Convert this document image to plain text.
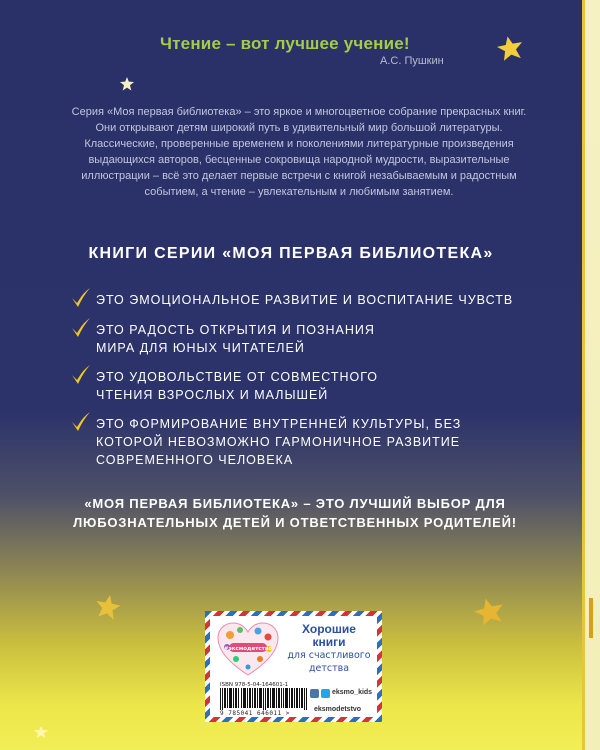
Чтение – вот лучшее учение!
А.С. Пушкин
Серия «Моя первая библиотека» – это яркое и многоцветное собрание прекрасных книг. Они открывают детям широкий путь в удивительный мир большой литературы. Классические, проверенные временем и поколениями литературные произведения выдающихся авторов, бесценные сокровища народной мудрости, выразительные иллюстрации – всё это делает первые встречи с книгой незабываемым и радостным событием, а чтение – увлекательным и любимым занятием.
КНИГИ СЕРИИ «МОЯ ПЕРВАЯ БИБЛИОТЕКА»
ЭТО ЭМОЦИОНАЛЬНОЕ РАЗВИТИЕ И ВОСПИТАНИЕ ЧУВСТВ
ЭТО РАДОСТЬ ОТКРЫТИЯ И ПОЗНАНИЯ МИРА ДЛЯ ЮНЫХ ЧИТАТЕЛЕЙ
ЭТО УДОВОЛЬСТВИЕ ОТ СОВМЕСТНОГО ЧТЕНИЯ ВЗРОСЛЫХ И МАЛЫШЕЙ
ЭТО ФОРМИРОВАНИЕ ВНУТРЕННЕЙ КУЛЬТУРЫ, БЕЗ КОТОРОЙ НЕВОЗМОЖНО ГАРМОНИЧНОЕ РАЗВИТИЕ СОВРЕМЕННОГО ЧЕЛОВЕКА
«МОЯ ПЕРВАЯ БИБЛИОТЕКА» – ЭТО ЛУЧШИЙ ВЫБОР ДЛЯ ЛЮБОЗНАТЕЛЬНЫХ ДЕТЕЙ И ОТВЕТСТВЕННЫХ РОДИТЕЛЕЙ!
#эксмодетство
Хорошие
книги
для счастливого
детства
ISBN 978-5-04-164601-1
9 785041 646011 >
eksmo_kids
eksmodetstvo
